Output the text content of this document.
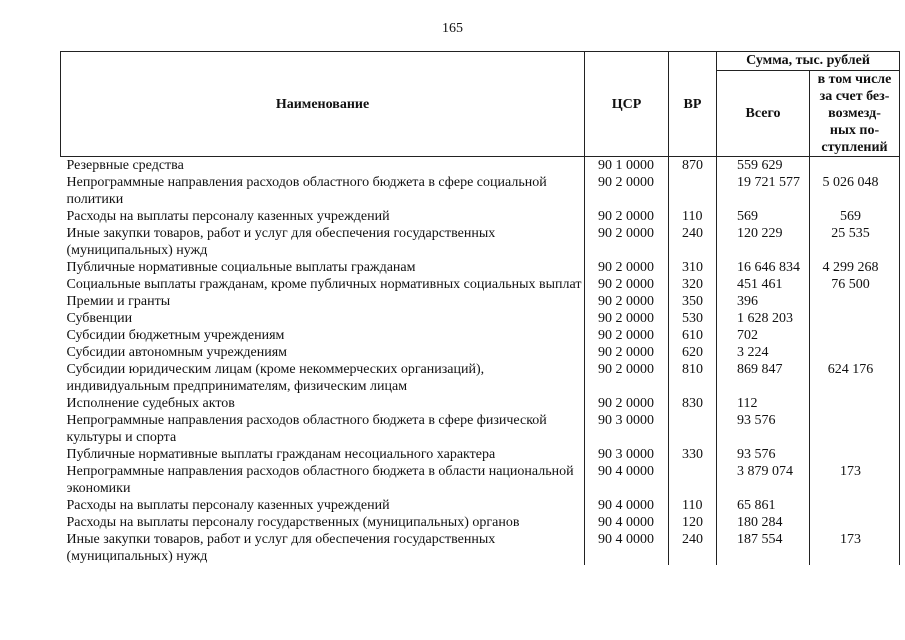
165
Наименование	ЦСР	ВР	Сумма, тыс. рублей	
			Всего	в том числе
за счет без-
возмезд-
ных по-
ступлений

Резервные средства	90 1 0000	870	559 629	
Непрограммные направления расходов областного бюджета в сфере социальной политики	90 2 0000		19 721 577	5 026 048
Расходы на выплаты персоналу казенных учреждений	90 2 0000	110	569	569
Иные закупки товаров, работ и услуг для обеспечения государственных (муниципальных) нужд	90 2 0000	240	120 229	25 535
Публичные нормативные социальные выплаты гражданам	90 2 0000	310	16 646 834	4 299 268
Социальные выплаты гражданам, кроме публичных нормативных социальных выплат	90 2 0000	320	451 461	76 500
Премии и гранты	90 2 0000	350	396	
Субвенции	90 2 0000	530	1 628 203	
Субсидии бюджетным учреждениям	90 2 0000	610	702	
Субсидии автономным учреждениям	90 2 0000	620	3 224	
Субсидии юридическим лицам (кроме некоммерческих организаций), индивидуальным предпринимателям, физическим лицам	90 2 0000	810	869 847	624 176
Исполнение судебных актов	90 2 0000	830	112	
Непрограммные направления расходов областного бюджета в сфере физической культуры и спорта	90 3 0000		93 576	
Публичные нормативные выплаты гражданам несоциального характера	90 3 0000	330	93 576	
Непрограммные направления расходов областного бюджета в области национальной экономики	90 4 0000		3 879 074	173
Расходы на выплаты персоналу казенных учреждений	90 4 0000	110	65 861	
Расходы на выплаты персоналу государственных (муниципальных) органов	90 4 0000	120	180 284	
Иные закупки товаров, работ и услуг для обеспечения государственных (муниципальных) нужд	90 4 0000	240	187 554	173
